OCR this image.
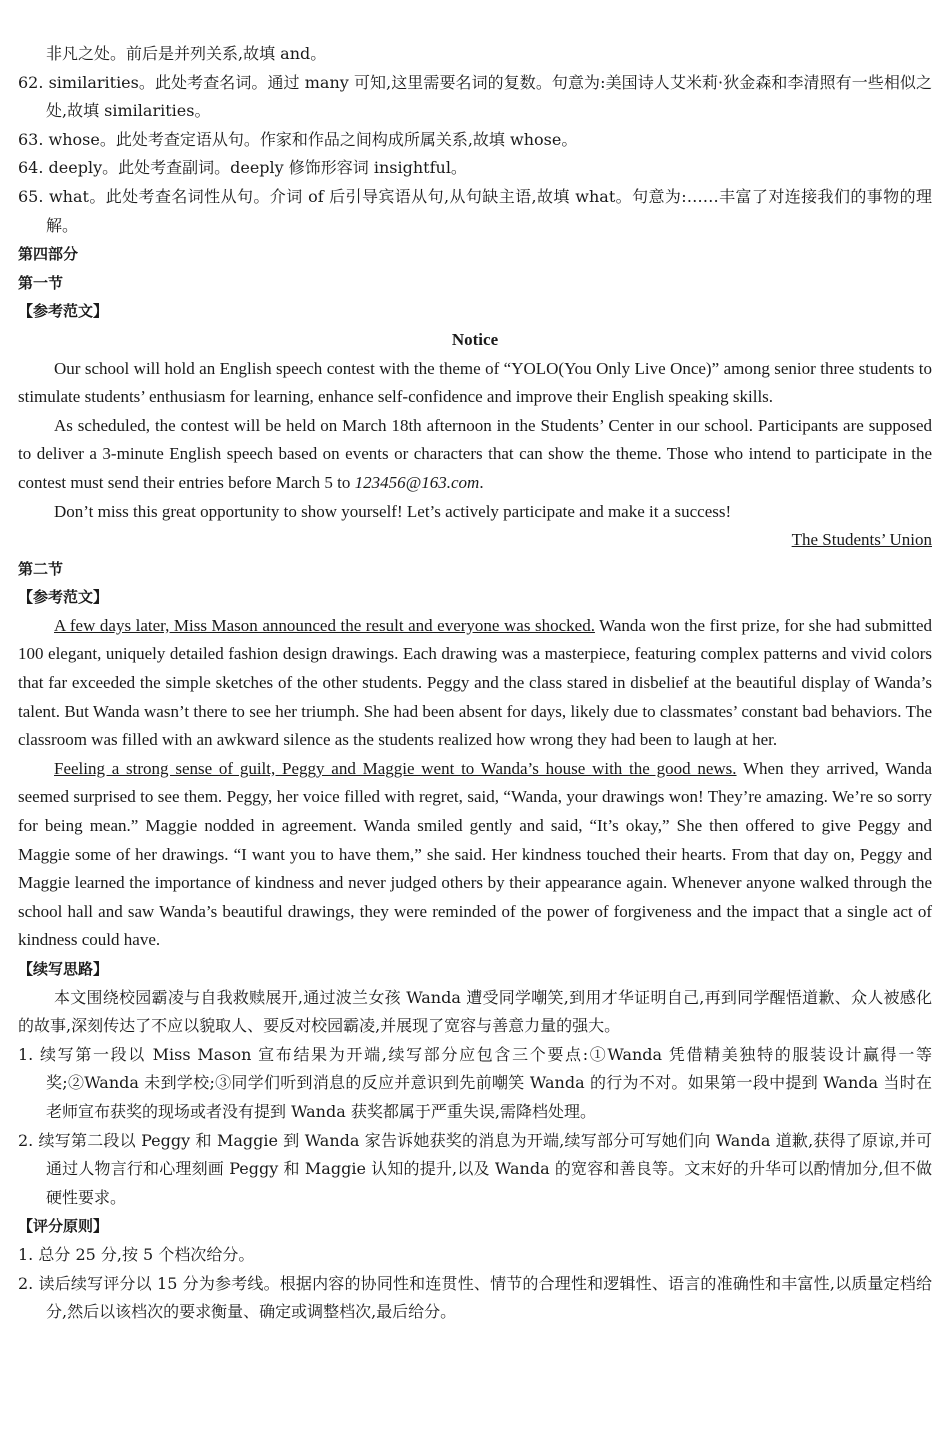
非凡之处。前后是并列关系,故填 and。

62. similarities。此处考查名词。通过 many 可知,这里需要名词的复数。句意为:美国诗人艾米莉·狄金森和李清照有一些相似之处,故填 similarities。

63. whose。此处考查定语从句。作家和作品之间构成所属关系,故填 whose。

64. deeply。此处考查副词。deeply 修饰形容词 insightful。

65. what。此处考查名词性从句。介词 of 后引导宾语从句,从句缺主语,故填 what。句意为:……丰富了对连接我们的事物的理解。

第四部分

第一节

【参考范文】

Notice

Our school will hold an English speech contest with the theme of “YOLO(You Only Live Once)” among senior three students to stimulate students’ enthusiasm for learning, enhance self-confidence and improve their English speaking skills.

As scheduled, the contest will be held on March 18th afternoon in the Students’ Center in our school. Participants are supposed to deliver a 3-minute English speech based on events or characters that can show the theme. Those who intend to participate in the contest must send their entries before March 5 to 123456@163.com.

Don’t miss this great opportunity to show yourself! Let’s actively participate and make it a success!

The Students’ Union

第二节

【参考范文】

A few days later, Miss Mason announced the result and everyone was shocked. Wanda won the first prize, for she had submitted 100 elegant, uniquely detailed fashion design drawings. Each drawing was a masterpiece, featuring complex patterns and vivid colors that far exceeded the simple sketches of the other students. Peggy and the class stared in disbelief at the beautiful display of Wanda’s talent. But Wanda wasn’t there to see her triumph. She had been absent for days, likely due to classmates’ constant bad behaviors. The classroom was filled with an awkward silence as the students realized how wrong they had been to laugh at her.

Feeling a strong sense of guilt, Peggy and Maggie went to Wanda’s house with the good news. When they arrived, Wanda seemed surprised to see them. Peggy, her voice filled with regret, said, “Wanda, your drawings won! They’re amazing. We’re so sorry for being mean.” Maggie nodded in agreement. Wanda smiled gently and said, “It’s okay,” She then offered to give Peggy and Maggie some of her drawings. “I want you to have them,” she said. Her kindness touched their hearts. From that day on, Peggy and Maggie learned the importance of kindness and never judged others by their appearance again. Whenever anyone walked through the school hall and saw Wanda’s beautiful drawings, they were reminded of the power of forgiveness and the impact that a single act of kindness could have.

【续写思路】

本文围绕校园霸凌与自我救赎展开,通过波兰女孩 Wanda 遭受同学嘲笑,到用才华证明自己,再到同学醒悟道歉、众人被感化的故事,深刻传达了不应以貌取人、要反对校园霸凌,并展现了宽容与善意力量的强大。

1. 续写第一段以 Miss Mason 宣布结果为开端,续写部分应包含三个要点:①Wanda 凭借精美独特的服装设计赢得一等奖;②Wanda 未到学校;③同学们听到消息的反应并意识到先前嘲笑 Wanda 的行为不对。如果第一段中提到 Wanda 当时在老师宣布获奖的现场或者没有提到 Wanda 获奖都属于严重失误,需降档处理。

2. 续写第二段以 Peggy 和 Maggie 到 Wanda 家告诉她获奖的消息为开端,续写部分可写她们向 Wanda 道歉,获得了原谅,并可通过人物言行和心理刻画 Peggy 和 Maggie 认知的提升,以及 Wanda 的宽容和善良等。文末好的升华可以酌情加分,但不做硬性要求。

【评分原则】

1. 总分 25 分,按 5 个档次给分。

2. 读后续写评分以 15 分为参考线。根据内容的协同性和连贯性、情节的合理性和逻辑性、语言的准确性和丰富性,以质量定档给分,然后以该档次的要求衡量、确定或调整档次,最后给分。
